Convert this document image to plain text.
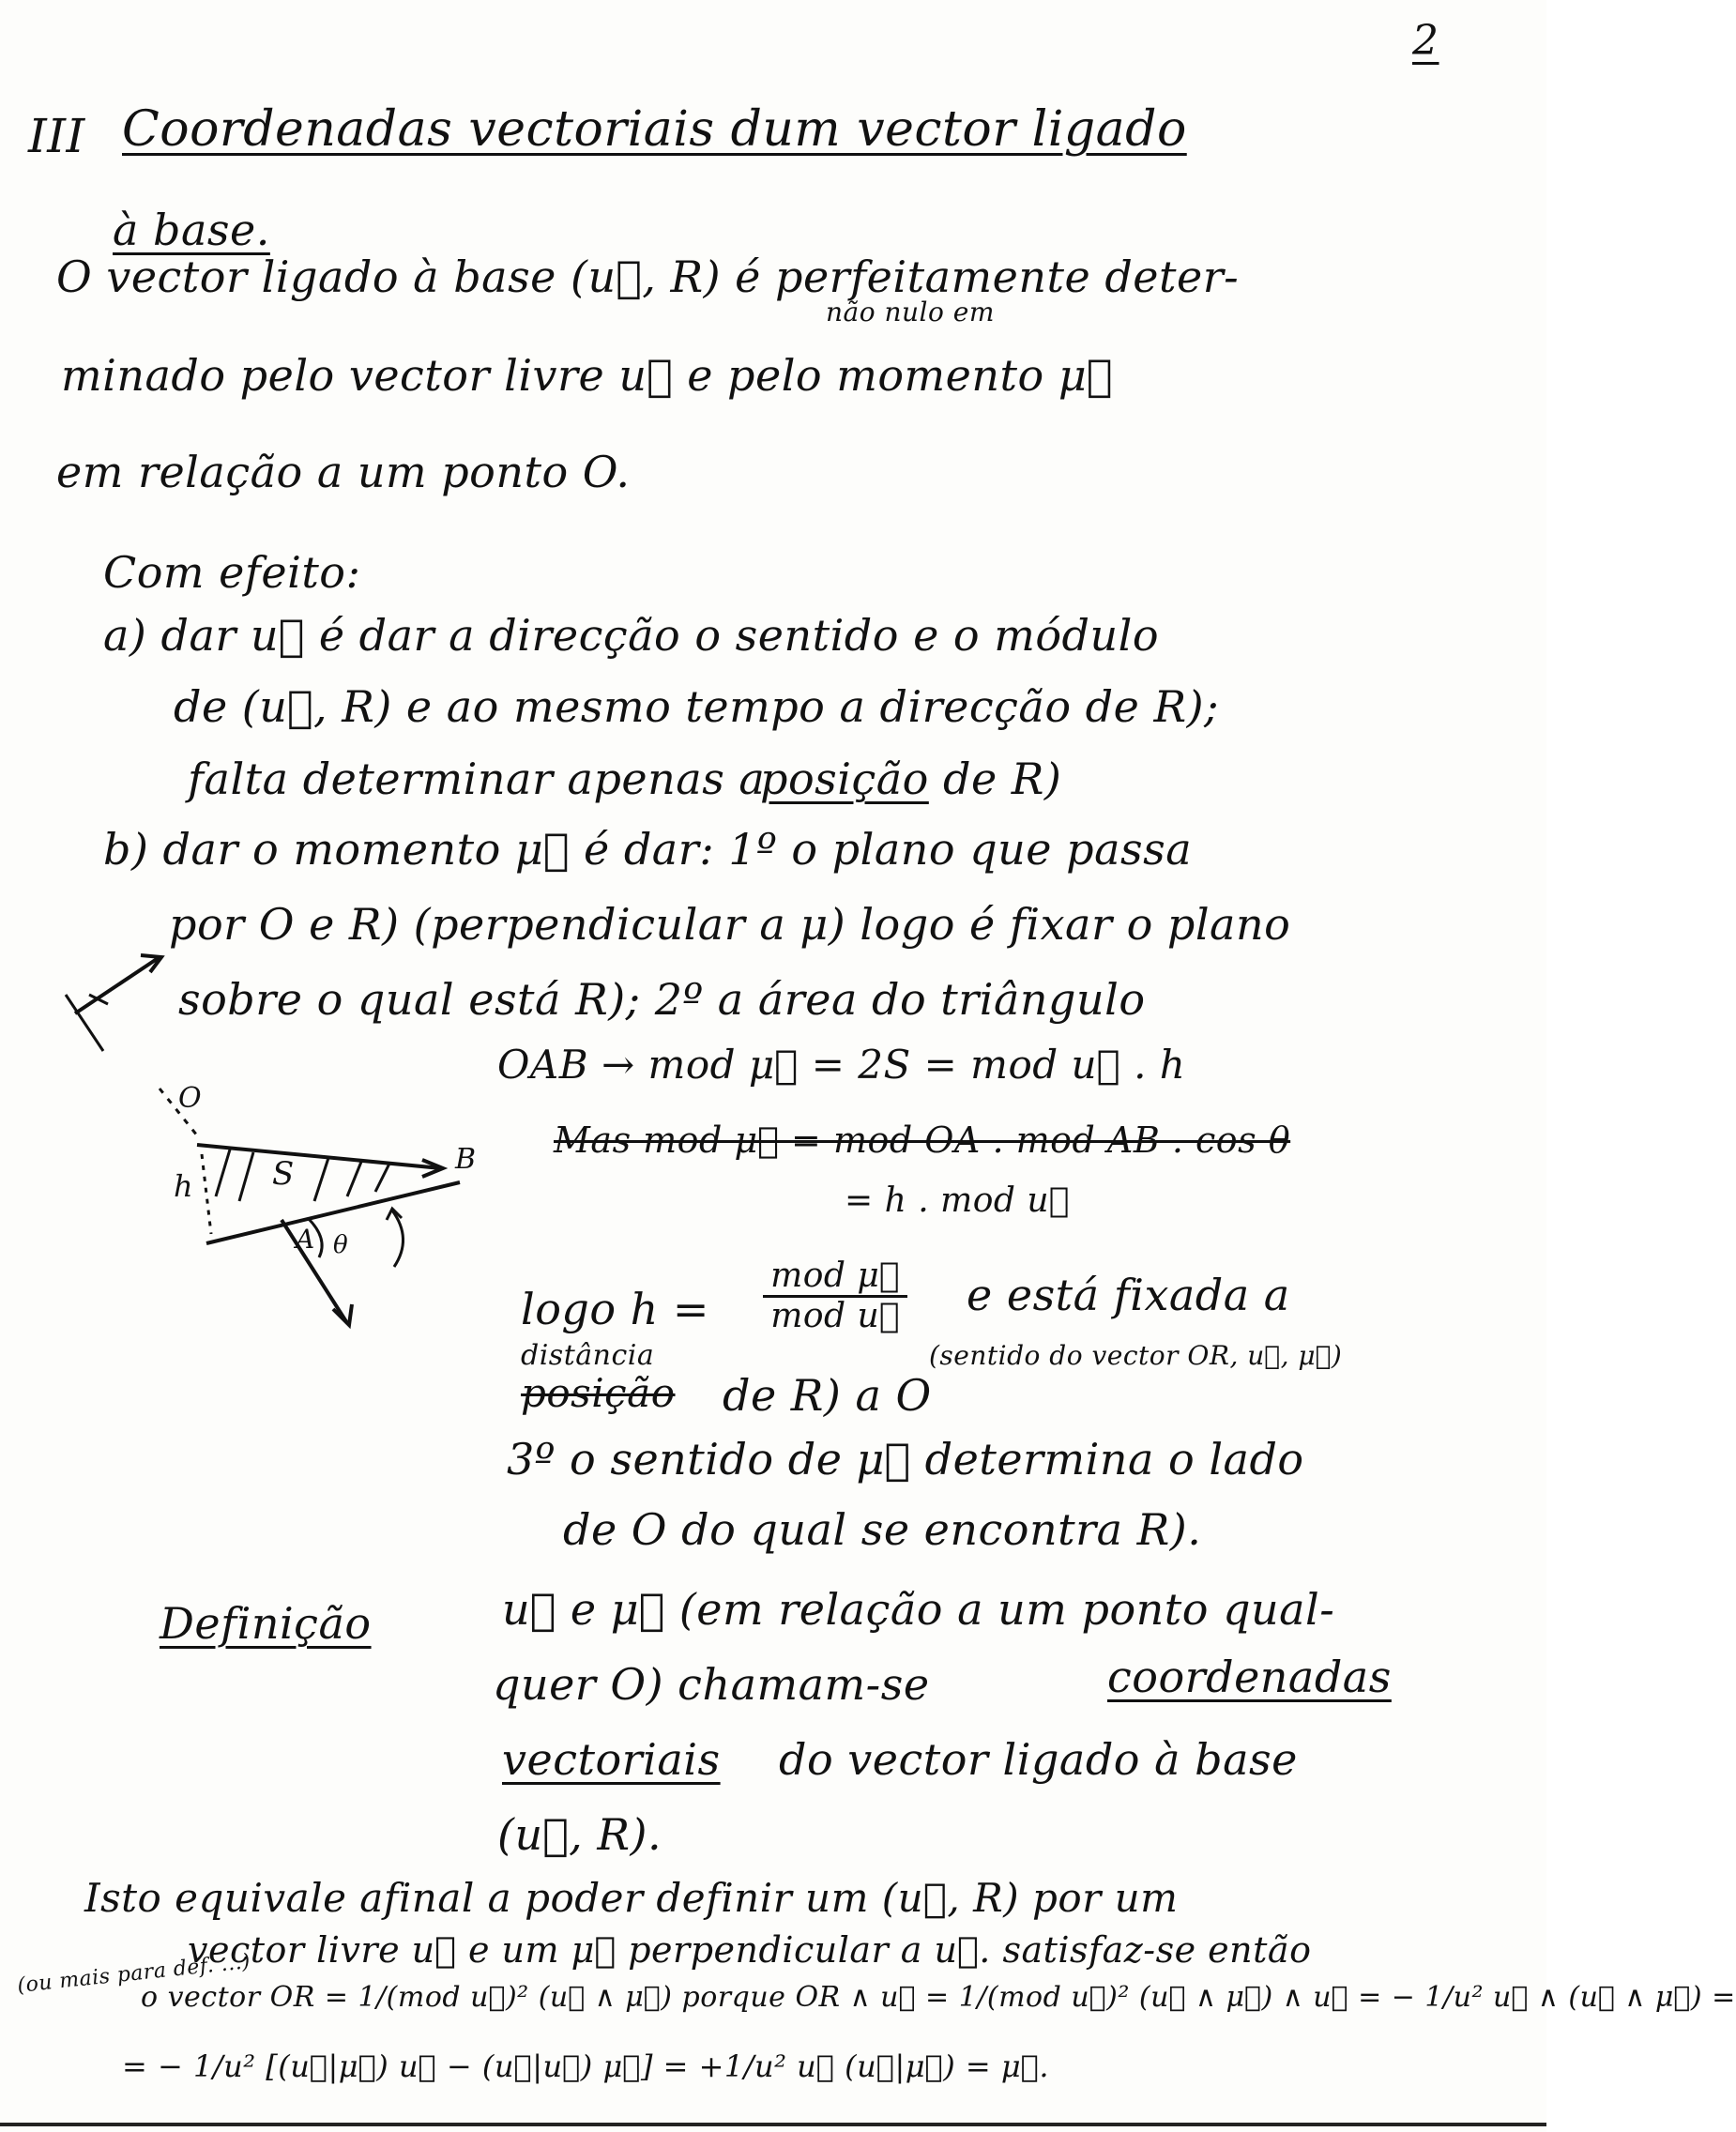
2
III Coordenadas vectoriais dum vector ligado
à base.
não nulo em
O vector ligado à base (u⃗, R) é perfeitamente deter-
minado pelo vector livre u⃗ e pelo momento μ⃗
em relação a um ponto O.
Com efeito:
a) dar u⃗ é dar a direcção o sentido e o módulo
de (u⃗, R) e ao mesmo tempo a direcção de R);
falta determinar apenas a
posição de R)
b) dar o momento μ⃗ é dar: 1º o plano que passa
por O e R) (perpendicular a μ) logo é fixar o plano
sobre o qual está R); 2º a área do triângulo
OAB → mod μ⃗ = 2S = mod u⃗ . h
Mas mod μ⃗ = mod OA . mod AB . cos θ
= h . mod u⃗
logo h =
mod μ⃗
mod u⃗	e está fixada a
distância
posição de R) a O
(sentido do vector OR, u⃗, μ⃗)
3º o sentido de μ⃗ determina o lado
de O do qual se encontra R).
Definição	u⃗ e μ⃗ (em relação a um ponto qual-
quer O) chamam-se	coordenadas
vectoriais do vector ligado à base
(u⃗, R).
Isto equivale afinal a poder definir um (u⃗, R) por um
vector livre u⃗ e um μ⃗ perpendicular a u⃗. satisfaz-se então
(ou mais para def. ...)
o vector OR = 1/(mod u⃗)² (u⃗ ∧ μ⃗) porque OR ∧ u⃗ = 1/(mod u⃗)² (u⃗ ∧ μ⃗) ∧ u⃗ = − 1/u² u⃗ ∧ (u⃗ ∧ μ⃗) =
= − 1/u² [(u⃗|μ⃗) u⃗ − (u⃗|u⃗) μ⃗] = +1/u² u⃗ (u⃗|μ⃗) = μ⃗.
O
h S	B
A θ
